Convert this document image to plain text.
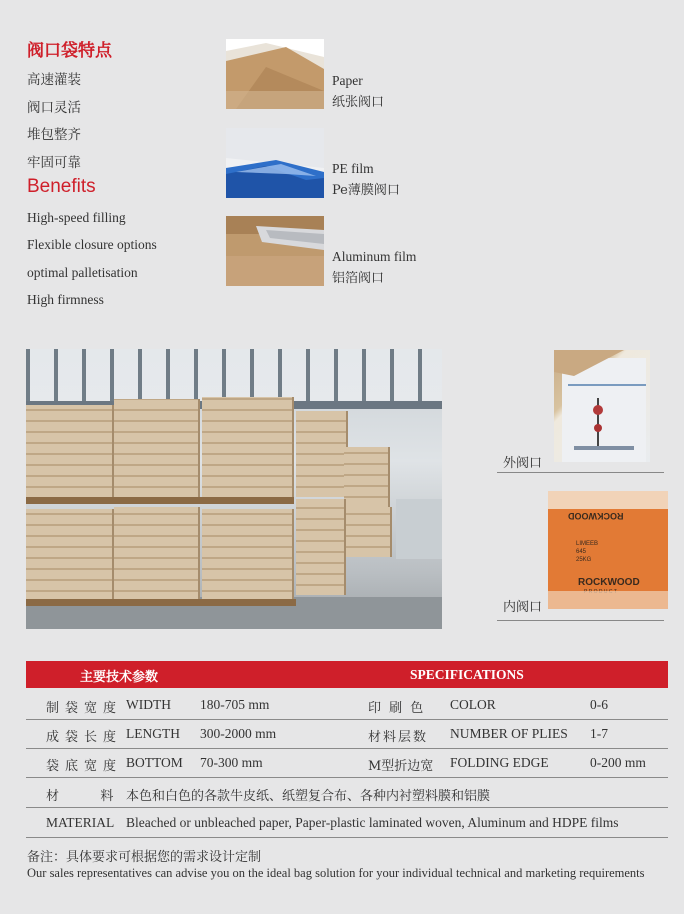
阀口袋特点
高速灌装
阀口灵活
堆包整齐
牢固可靠
Benefits
High-speed filling
Flexible closure options
optimal palletisation
High firmness
Paper
纸张阀口
PE film
Pe薄膜阀口
Aluminum film
铝箔阀口
外阀口
ROCKWOOD
LIMEEB
645
25KG
ROCKWOOD
内阀口
主要技术参数	SPECIFICATIONS
制袋宽度 WIDTH 180-705 mm	印 刷 色 COLOR	0-6
成袋长度 LENGTH 300-2000 mm	材料层数 NUMBER OF PLIES 1-7
袋底宽度 BOTTOM 70-300 mm	M型折边宽 FOLDING EDGE	0-200 mm
材          料 本色和白色的各款牛皮纸、纸塑复合布、各种内衬塑料膜和铝膜
MATERIAL Bleached or unbleached paper, Paper-plastic laminated woven, Aluminum and HDPE films
备注：具体要求可根据您的需求设计定制
Our sales representatives can advise you on the ideal bag solution for your individual technical and marketing requirements
